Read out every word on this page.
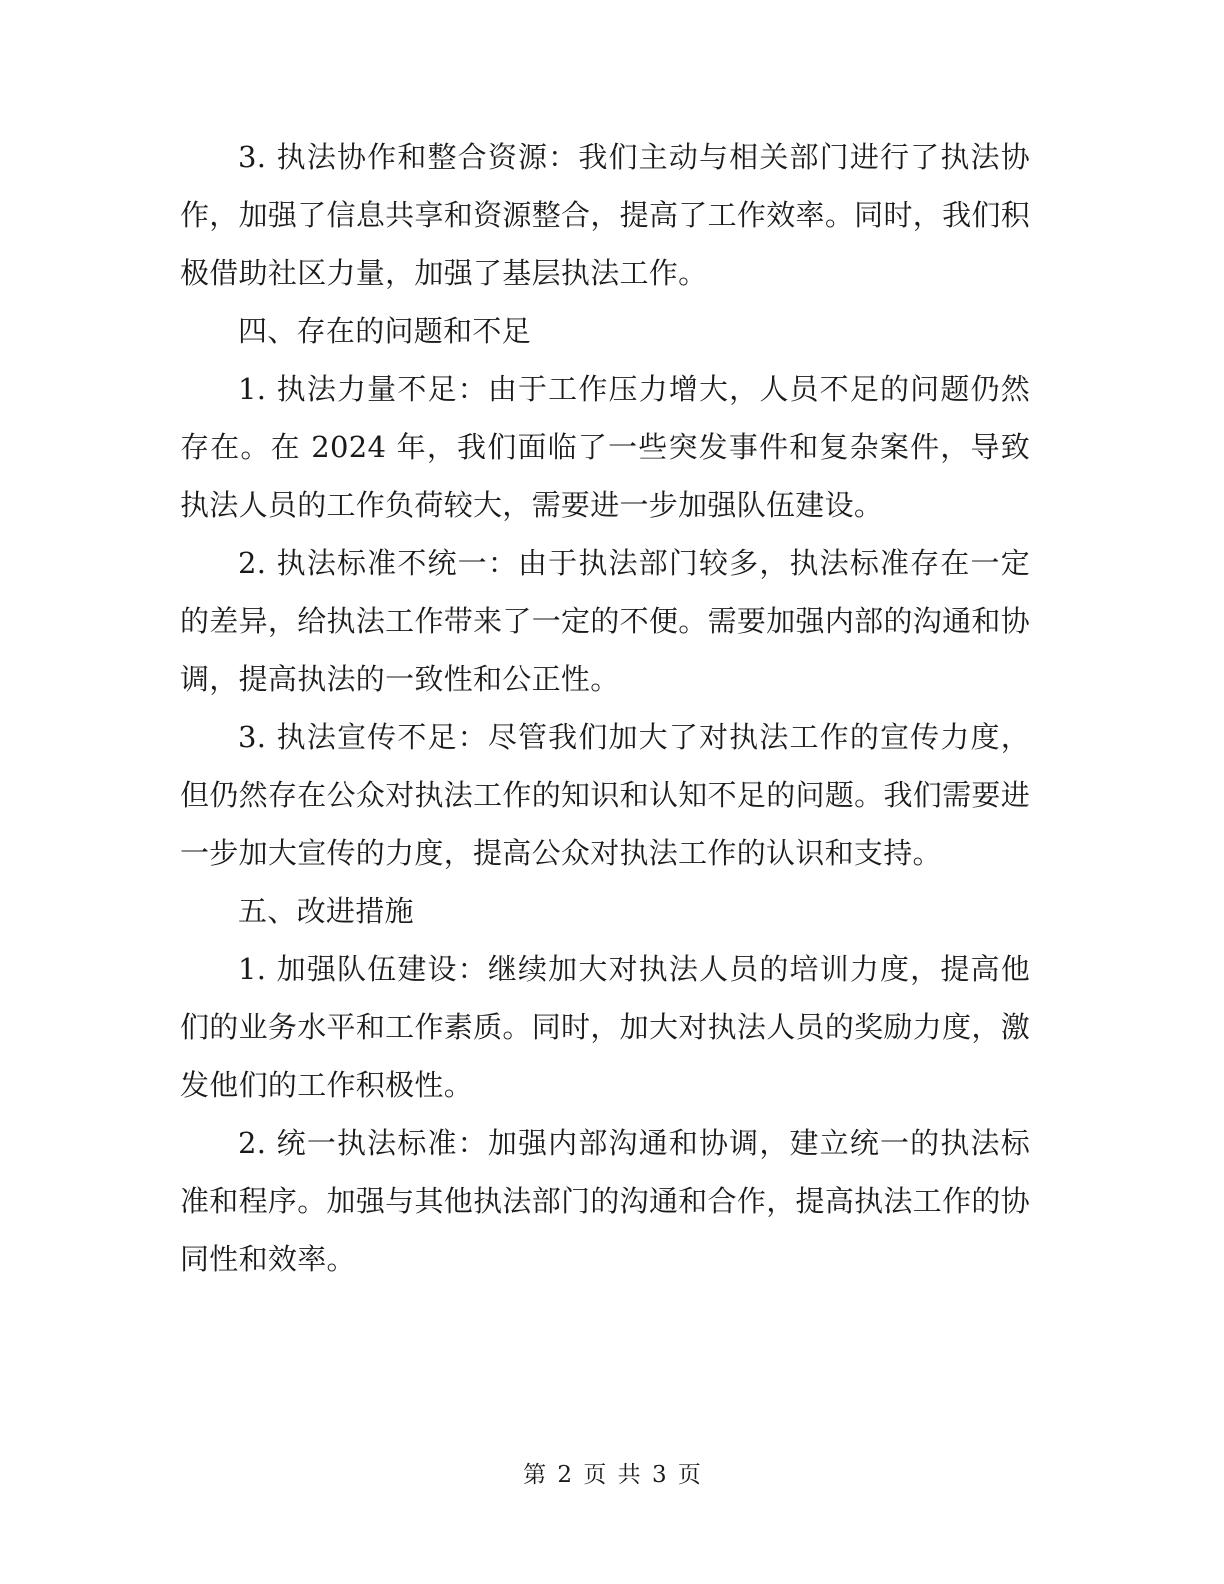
3. 执法协作和整合资源：我们主动与相关部门进行了执法协作，加强了信息共享和资源整合，提高了工作效率。同时，我们积极借助社区力量，加强了基层执法工作。

四、存在的问题和不足

1. 执法力量不足：由于工作压力增大，人员不足的问题仍然存在。在 2024 年，我们面临了一些突发事件和复杂案件，导致执法人员的工作负荷较大，需要进一步加强队伍建设。

2. 执法标准不统一：由于执法部门较多，执法标准存在一定的差异，给执法工作带来了一定的不便。需要加强内部的沟通和协调，提高执法的一致性和公正性。

3. 执法宣传不足：尽管我们加大了对执法工作的宣传力度，但仍然存在公众对执法工作的知识和认知不足的问题。我们需要进一步加大宣传的力度，提高公众对执法工作的认识和支持。

五、改进措施

1. 加强队伍建设：继续加大对执法人员的培训力度，提高他们的业务水平和工作素质。同时，加大对执法人员的奖励力度，激发他们的工作积极性。

2. 统一执法标准：加强内部沟通和协调，建立统一的执法标准和程序。加强与其他执法部门的沟通和合作，提高执法工作的协同性和效率。

第 2 页 共 3 页
